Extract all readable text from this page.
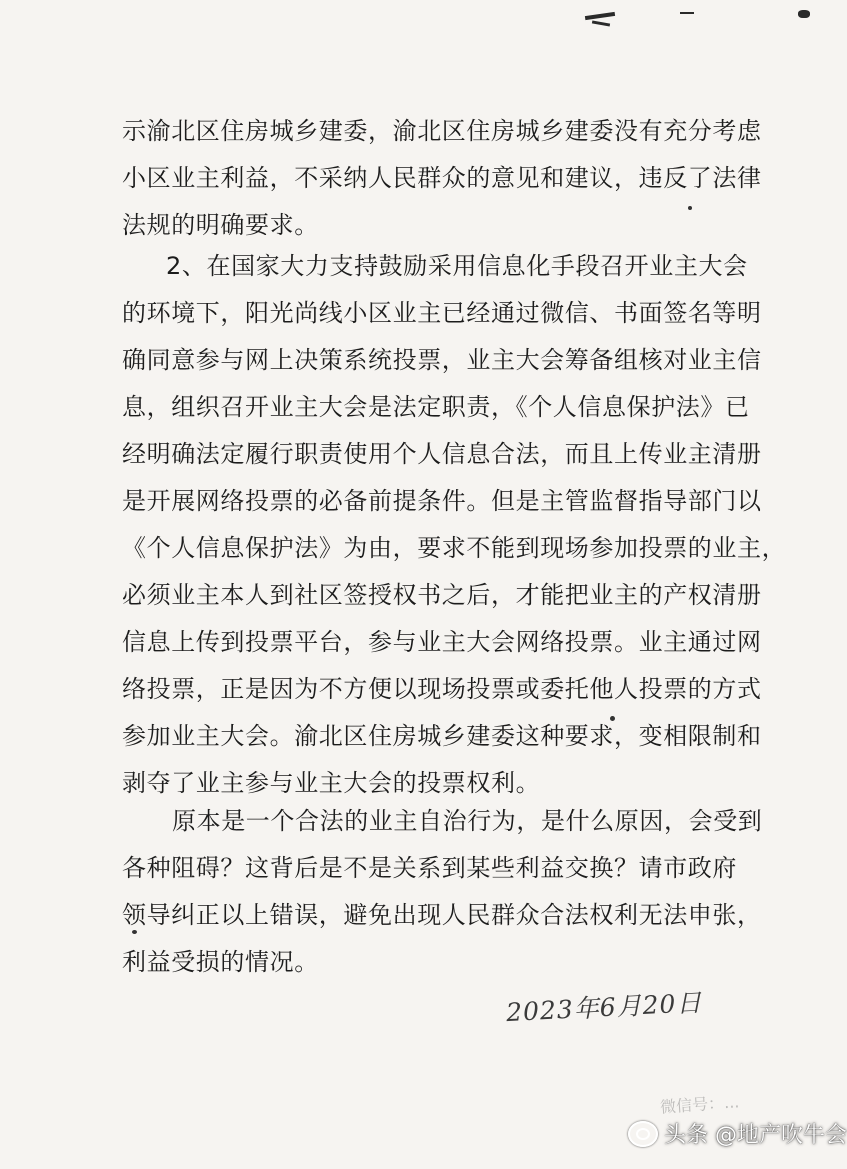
示渝北区住房城乡建委，渝北区住房城乡建委没有充分考虑
小区业主利益，不采纳人民群众的意见和建议，违反了法律
法规的明确要求。

2、在国家大力支持鼓励采用信息化手段召开业主大会
的环境下，阳光尚线小区业主已经通过微信、书面签名等明
确同意参与网上决策系统投票，业主大会筹备组核对业主信
息，组织召开业主大会是法定职责，《个人信息保护法》已
经明确法定履行职责使用个人信息合法，而且上传业主清册
是开展网络投票的必备前提条件。但是主管监督指导部门以
《个人信息保护法》为由，要求不能到现场参加投票的业主，
必须业主本人到社区签授权书之后，才能把业主的产权清册
信息上传到投票平台，参与业主大会网络投票。业主通过网
络投票，正是因为不方便以现场投票或委托他人投票的方式
参加业主大会。渝北区住房城乡建委这种要求，变相限制和
剥夺了业主参与业主大会的投票权利。

原本是一个合法的业主自治行为，是什么原因，会受到
各种阻碍？这背后是不是关系到某些利益交换？请市政府
领导纠正以上错误，避免出现人民群众合法权利无法申张，
利益受损的情况。

2023年6月20日
微信号：...
头条 @地产吹牛会
